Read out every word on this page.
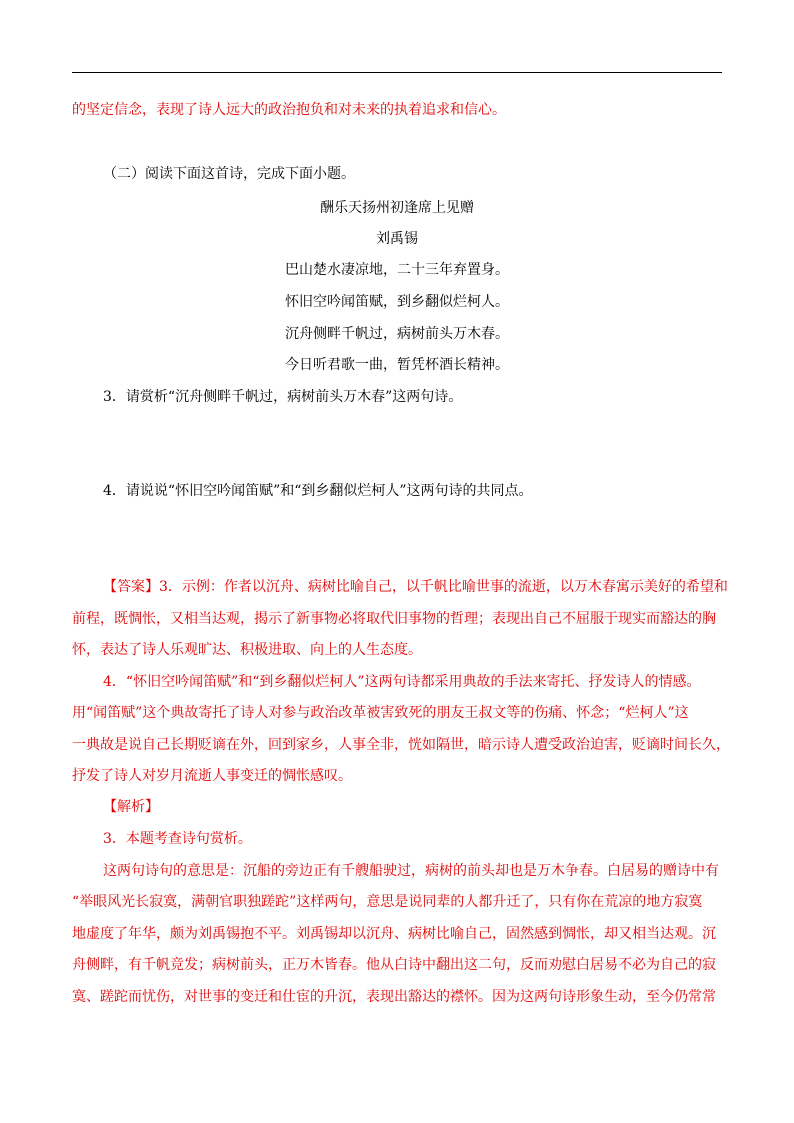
的坚定信念，表现了诗人远大的政治抱负和对未来的执着追求和信心。
（二）阅读下面这首诗，完成下面小题。
酬乐天扬州初逢席上见赠
刘禹锡
巴山楚水凄凉地，二十三年弃置身。
怀旧空吟闻笛赋，到乡翻似烂柯人。
沉舟侧畔千帆过，病树前头万木春。
今日听君歌一曲，暂凭杯酒长精神。
3．请赏析“沉舟侧畔千帆过，病树前头万木春”这两句诗。
4．请说说“怀旧空吟闻笛赋”和“到乡翻似烂柯人”这两句诗的共同点。
【答案】3．示例：作者以沉舟、病树比喻自己，以千帆比喻世事的流逝，以万木春寓示美好的希望和
前程，既惆怅，又相当达观，揭示了新事物必将取代旧事物的哲理；表现出自己不屈服于现实而豁达的胸
怀，表达了诗人乐观旷达、积极进取、向上的人生态度。
4．“怀旧空吟闻笛赋”和“到乡翻似烂柯人”这两句诗都采用典故的手法来寄托、抒发诗人的情感。
用“闻笛赋”这个典故寄托了诗人对参与政治改革被害致死的朋友王叔文等的伤痛、怀念；“烂柯人”这
一典故是说自己长期贬谪在外，回到家乡，人事全非，恍如隔世，暗示诗人遭受政治迫害，贬谪时间长久，
抒发了诗人对岁月流逝人事变迁的惆怅感叹。
【解析】
3．本题考查诗句赏析。
这两句诗句的意思是：沉船的旁边正有千艘船驶过，病树的前头却也是万木争春。白居易的赠诗中有
“举眼风光长寂寞，满朝官职独蹉跎”这样两句，意思是说同辈的人都升迁了，只有你在荒凉的地方寂寞
地虚度了年华，颇为刘禹锡抱不平。刘禹锡却以沉舟、病树比喻自己，固然感到惆怅，却又相当达观。沉
舟侧畔，有千帆竞发；病树前头，正万木皆春。他从白诗中翻出这二句，反而劝慰白居易不必为自己的寂
寞、蹉跎而忧伤，对世事的变迁和仕宦的升沉，表现出豁达的襟怀。因为这两句诗形象生动，至今仍常常
